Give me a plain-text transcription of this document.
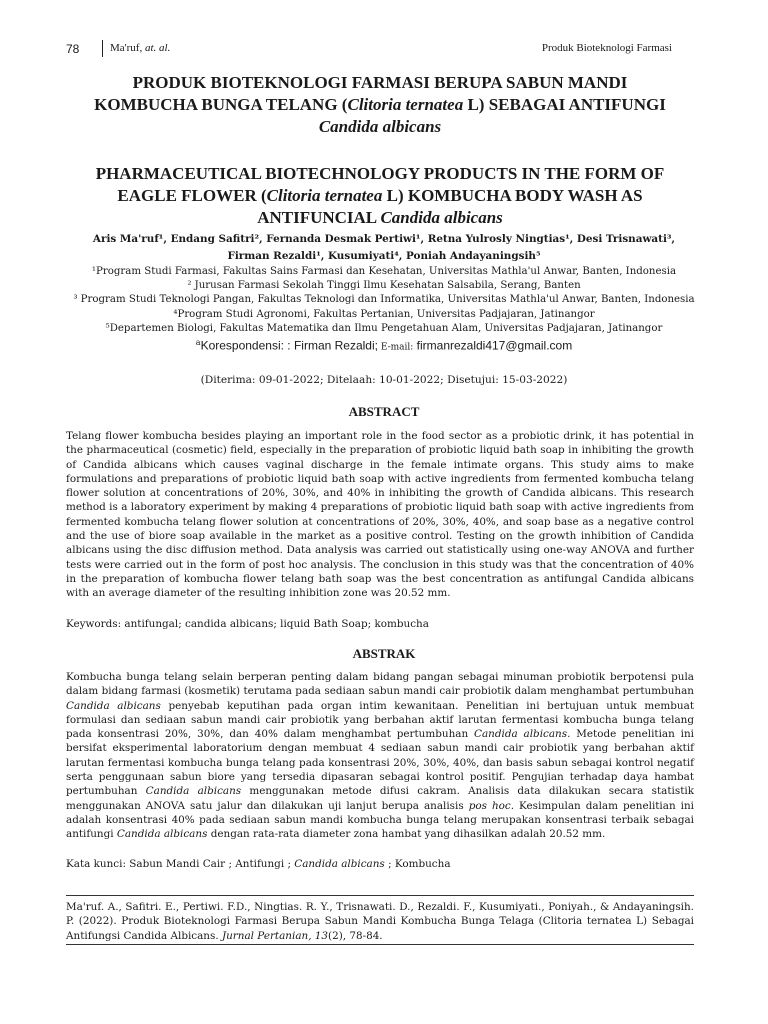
78	Ma'ruf, at. al.	Produk Bioteknologi Farmasi
PRODUK BIOTEKNOLOGI FARMASI BERUPA SABUN MANDI
KOMBUCHA BUNGA TELANG (Clitoria ternatea L) SEBAGAI ANTIFUNGI
Candida albicans
PHARMACEUTICAL BIOTECHNOLOGY PRODUCTS IN THE FORM OF
EAGLE FLOWER (Clitoria ternatea L) KOMBUCHA BODY WASH AS
ANTIFUNCIAL Candida albicans

Aris Ma'ruf¹, Endang Safitri², Fernanda Desmak Pertiwi¹, Retna Yulrosly Ningtias¹, Desi Trisnawati³,
Firman Rezaldi¹, Kusumiyati⁴, Poniah Andayaningsih⁵

¹Program Studi Farmasi, Fakultas Sains Farmasi dan Kesehatan, Universitas Mathla'ul Anwar, Banten, Indonesia
² Jurusan Farmasi Sekolah Tinggi Ilmu Kesehatan Salsabila, Serang, Banten
³ Program Studi Teknologi Pangan, Fakultas Teknologi dan Informatika, Universitas Mathla'ul Anwar, Banten, Indonesia
⁴Program Studi Agronomi, Fakultas Pertanian, Universitas Padjajaran, Jatinangor
⁵Departemen Biologi, Fakultas Matematika dan Ilmu Pengetahuan Alam, Universitas Padjajaran, Jatinangor
$^a$Korespondensi: : Firman Rezaldi; E-mail: firmanrezaldi417@gmail.com

(Diterima: 09-01-2022; Ditelaah: 10-01-2022; Disetujui: 15-03-2022)

ABSTRACT

Telang flower kombucha besides playing an important role in the food sector as a probiotic drink, it has potential in the pharmaceutical (cosmetic) field, especially in the preparation of probiotic liquid bath soap in inhibiting the growth of Candida albicans which causes vaginal discharge in the female intimate organs. This study aims to make formulations and preparations of probiotic liquid bath soap with active ingredients from fermented kombucha telang flower solution at concentrations of 20%, 30%, and 40% in inhibiting the growth of Candida albicans. This research method is a laboratory experiment by making 4 preparations of probiotic liquid bath soap with active ingredients from fermented kombucha telang flower solution at concentrations of 20%, 30%, 40%, and soap base as a negative control and the use of biore soap available in the market as a positive control. Testing on the growth inhibition of Candida albicans using the disc diffusion method. Data analysis was carried out statistically using one-way ANOVA and further tests were carried out in the form of post hoc analysis. The conclusion in this study was that the concentration of 40% in the preparation of kombucha flower telang bath soap was the best concentration as antifungal Candida albicans with an average diameter of the resulting inhibition zone was 20.52 mm.

Keywords: antifungal; candida albicans; liquid Bath Soap; kombucha

ABSTRAK

Kombucha bunga telang selain berperan penting dalam bidang pangan sebagai minuman probiotik berpotensi pula dalam bidang farmasi (kosmetik) terutama pada sediaan sabun mandi cair probiotik dalam menghambat pertumbuhan Candida albicans penyebab keputihan pada organ intim kewanitaan. Penelitian ini bertujuan untuk membuat formulasi dan sediaan sabun mandi cair probiotik yang berbahan aktif larutan fermentasi kombucha bunga telang pada konsentrasi 20%, 30%, dan 40% dalam menghambat pertumbuhan Candida albicans. Metode penelitian ini bersifat eksperimental laboratorium dengan membuat 4 sediaan sabun mandi cair probiotik yang berbahan aktif larutan fermentasi kombucha bunga telang pada konsentrasi 20%, 30%, 40%, dan basis sabun sebagai kontrol negatif serta penggunaan sabun biore yang tersedia dipasaran sebagai kontrol positif. Pengujian terhadap daya hambat pertumbuhan Candida albicans menggunakan metode difusi cakram. Analisis data dilakukan secara statistik menggunakan ANOVA satu jalur dan dilakukan uji lanjut berupa analisis pos hoc. Kesimpulan dalam penelitian ini adalah konsentrasi 40% pada sediaan sabun mandi kombucha bunga telang merupakan konsentrasi terbaik sebagai antifungi Candida albicans dengan rata-rata diameter zona hambat yang dihasilkan adalah 20.52 mm.

Kata kunci: Sabun Mandi Cair ; Antifungi ; Candida albicans ; Kombucha

Ma'ruf. A., Safitri. E., Pertiwi. F.D., Ningtias. R. Y., Trisnawati. D., Rezaldi. F., Kusumiyati., Poniyah., & Andayaningsih. P. (2022). Produk Bioteknologi Farmasi Berupa Sabun Mandi Kombucha Bunga Telaga (Clitoria ternatea L) Sebagai Antifungsi Candida Albicans. Jurnal Pertanian, 13(2), 78-84.
